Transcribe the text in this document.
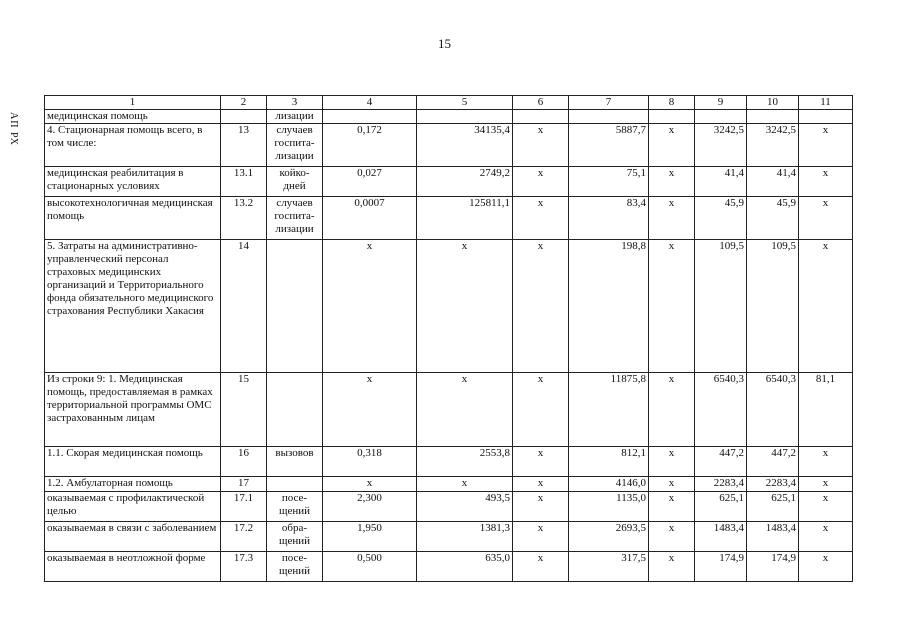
15
АП РХ
1	2	3	4	5	6	7	8	9	10	11
медицинская помощь		лизации								
4. Стационарная помощь всего, в том числе:	13	случаев госпита- лизации	0,172	34135,4	х	5887,7	х	3242,5	3242,5	х
медицинская реабилитация в стационарных условиях	13.1	койко- дней	0,027	2749,2	х	75,1	х	41,4	41,4	х
высокотехнологичная медицинская помощь	13.2	случаев госпита- лизации	0,0007	125811,1	х	83,4	х	45,9	45,9	х
5. Затраты на административно- управленческий персонал страховых медицинских организаций и Территориального фонда обязательного медицинского страхования Республики Хакасия	14		х	х	х	198,8	х	109,5	109,5	х
Из строки 9: 1. Медицинская помощь, предоставляемая в рамках территориальной программы ОМС застрахованным лицам	15		х	х	х	11875,8	х	6540,3	6540,3	81,1
1.1. Скорая медицинская помощь	16	вызовов	0,318	2553,8	х	812,1	х	447,2	447,2	х
1.2. Амбулаторная помощь	17		х	х	х	4146,0	х	2283,4	2283,4	х
оказываемая с профилактической целью	17.1	посе- щений	2,300	493,5	х	1135,0	х	625,1	625,1	х
оказываемая в связи с заболеванием	17.2	обра- щений	1,950	1381,3	х	2693,5	х	1483,4	1483,4	х
оказываемая в неотложной форме	17.3	посе- щений	0,500	635,0	х	317,5	х	174,9	174,9	х
